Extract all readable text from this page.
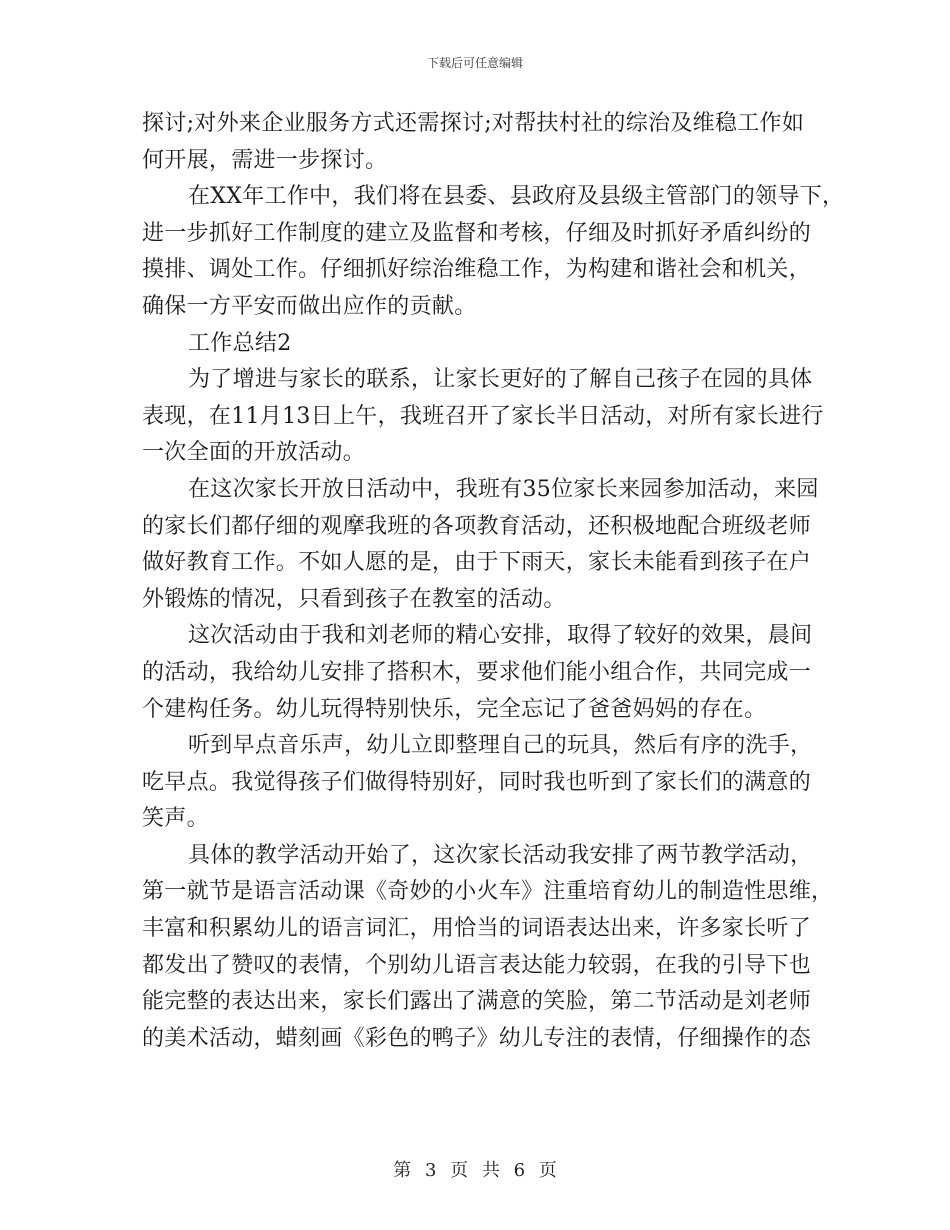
下载后可任意编辑
探讨;对外来企业服务方式还需探讨;对帮扶村社的综治及维稳工作如
何开展，需进一步探讨。
在XX年工作中，我们将在县委、县政府及县级主管部门的领导下，
进一步抓好工作制度的建立及监督和考核，仔细及时抓好矛盾纠纷的
摸排、调处工作。仔细抓好综治维稳工作，为构建和谐社会和机关，
确保一方平安而做出应作的贡献。
工作总结2
为了增进与家长的联系，让家长更好的了解自己孩子在园的具体
表现，在11月13日上午，我班召开了家长半日活动，对所有家长进行
一次全面的开放活动。
在这次家长开放日活动中，我班有35位家长来园参加活动，来园
的家长们都仔细的观摩我班的各项教育活动，还积极地配合班级老师
做好教育工作。不如人愿的是，由于下雨天，家长未能看到孩子在户
外锻炼的情况，只看到孩子在教室的活动。
这次活动由于我和刘老师的精心安排，取得了较好的效果，晨间
的活动，我给幼儿安排了搭积木，要求他们能小组合作，共同完成一
个建构任务。幼儿玩得特别快乐，完全忘记了爸爸妈妈的存在。
听到早点音乐声，幼儿立即整理自己的玩具，然后有序的洗手，
吃早点。我觉得孩子们做得特别好，同时我也听到了家长们的满意的
笑声。
具体的教学活动开始了，这次家长活动我安排了两节教学活动，
第一就节是语言活动课《奇妙的小火车》注重培育幼儿的制造性思维，
丰富和积累幼儿的语言词汇，用恰当的词语表达出来，许多家长听了
都发出了赞叹的表情，个别幼儿语言表达能力较弱，在我的引导下也
能完整的表达出来，家长们露出了满意的笑脸，第二节活动是刘老师
的美术活动，蜡刻画《彩色的鸭子》幼儿专注的表情，仔细操作的态
第 3 页 共 6 页
